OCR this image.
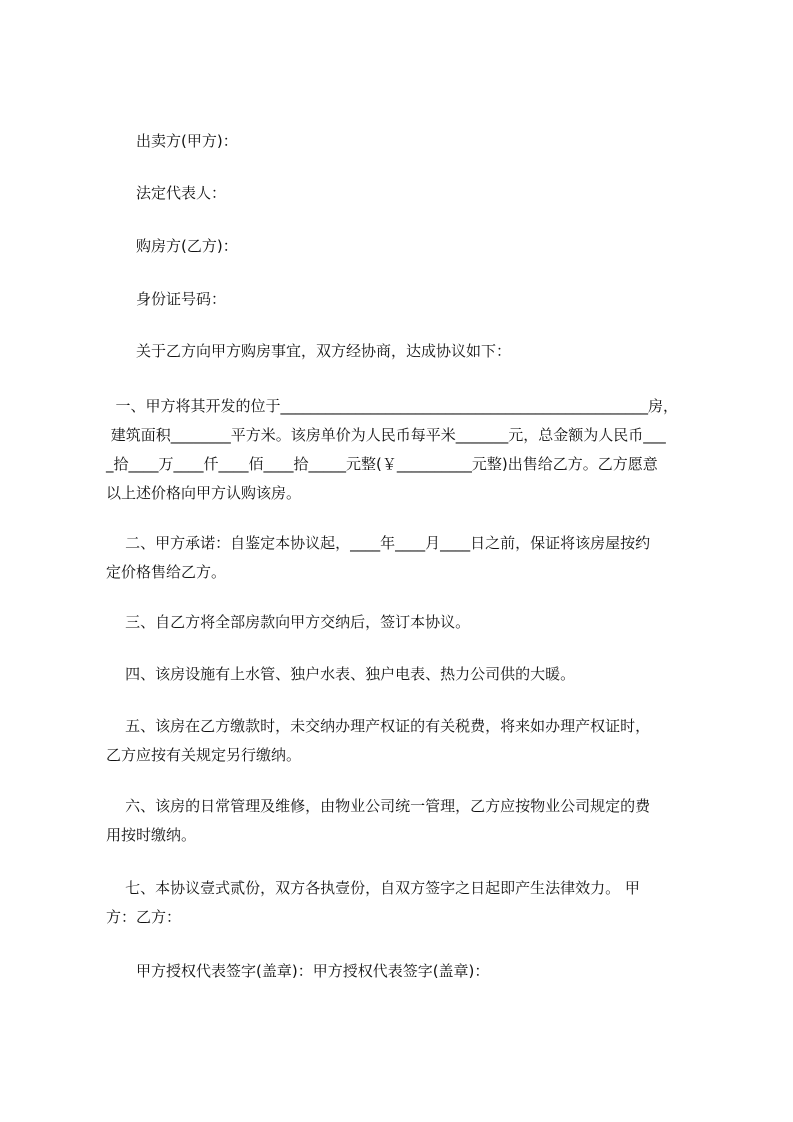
出卖方(甲方)：
法定代表人：
购房方(乙方)：
身份证号码：
关于乙方向甲方购房事宜，双方经协商，达成协议如下：
一、甲方将其开发的位于_________________________________________________房，
建筑面积________平方米。该房单价为人民币每平米_______元，总金额为人民币___
_拾____万____仟____佰____拾_____元整(￥__________元整)出售给乙方。乙方愿意
以上述价格向甲方认购该房。
二、甲方承诺：自鉴定本协议起，____年____月____日之前，保证将该房屋按约
定价格售给乙方。
三、自乙方将全部房款向甲方交纳后，签订本协议。
四、该房设施有上水管、独户水表、独户电表、热力公司供的大暖。
五、该房在乙方缴款时，未交纳办理产权证的有关税费，将来如办理产权证时，
乙方应按有关规定另行缴纳。
六、该房的日常管理及维修，由物业公司统一管理，乙方应按物业公司规定的费
用按时缴纳。
七、本协议壹式贰份，双方各执壹份，自双方签字之日起即产生法律效力。 甲
方：乙方：
甲方授权代表签字(盖章)：甲方授权代表签字(盖章)：
